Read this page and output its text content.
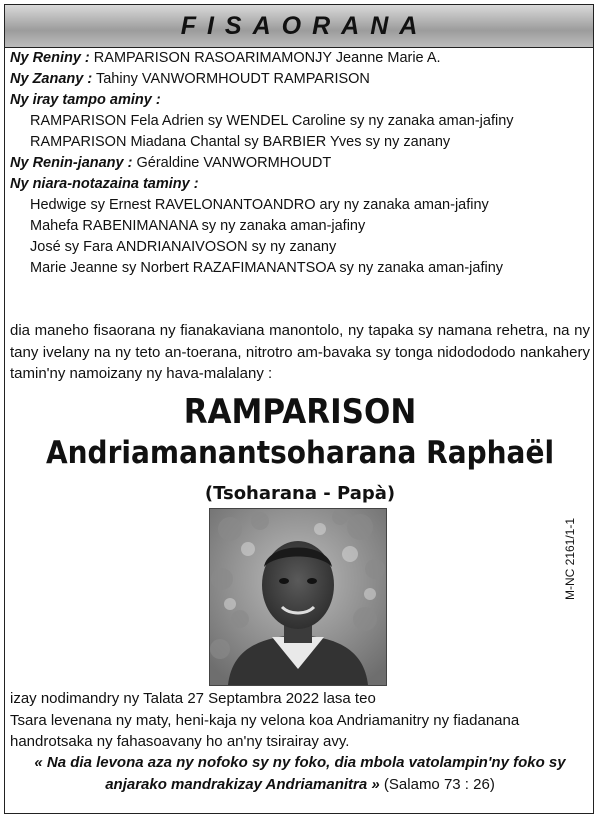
FISAORANA
Ny Reniny : RAMPARISON RASOARIMAMONJY Jeanne Marie A.
Ny Zanany : Tahiny VANWORMHOUDT RAMPARISON
Ny iray tampo aminy :
RAMPARISON Fela Adrien sy WENDEL Caroline sy ny zanaka aman-jafiny
RAMPARISON Miadana Chantal sy BARBIER Yves sy ny zanany
Ny Renin-janany : Géraldine VANWORMHOUDT
Ny niara-notazaina taminy :
Hedwige sy Ernest RAVELONANTOANDRO ary ny zanaka aman-jafiny
Mahefa RABENIMANANA sy ny zanaka aman-jafiny
José sy Fara ANDRIANAIVOSON sy ny zanany
Marie Jeanne sy Norbert RAZAFIMANANTSOA sy ny zanaka aman-jafiny
dia maneho fisaorana ny fianakaviana manontolo, ny tapaka sy namana rehetra, na ny tany ivelany na ny teto an-toerana, nitrotro am-bavaka sy tonga nidodododo nankahery tamin'ny namoizany ny hava-malalany :
RAMPARISON
Andriamanantsoharana Raphaël
(Tsoharana - Papà)
M-NC 2161/1-1
izay nodimandry ny Talata 27 Septambra 2022 lasa teo
Tsara levenana ny maty, heni-kaja ny velona koa Andriamanitry ny fiadanana handrotsaka ny fahasoavany ho an'ny tsirairay avy.
« Na dia levona aza ny nofoko sy ny foko, dia mbola vatolampin'ny foko sy anjarako mandrakizay Andriamanitra » (Salamo 73 : 26)
